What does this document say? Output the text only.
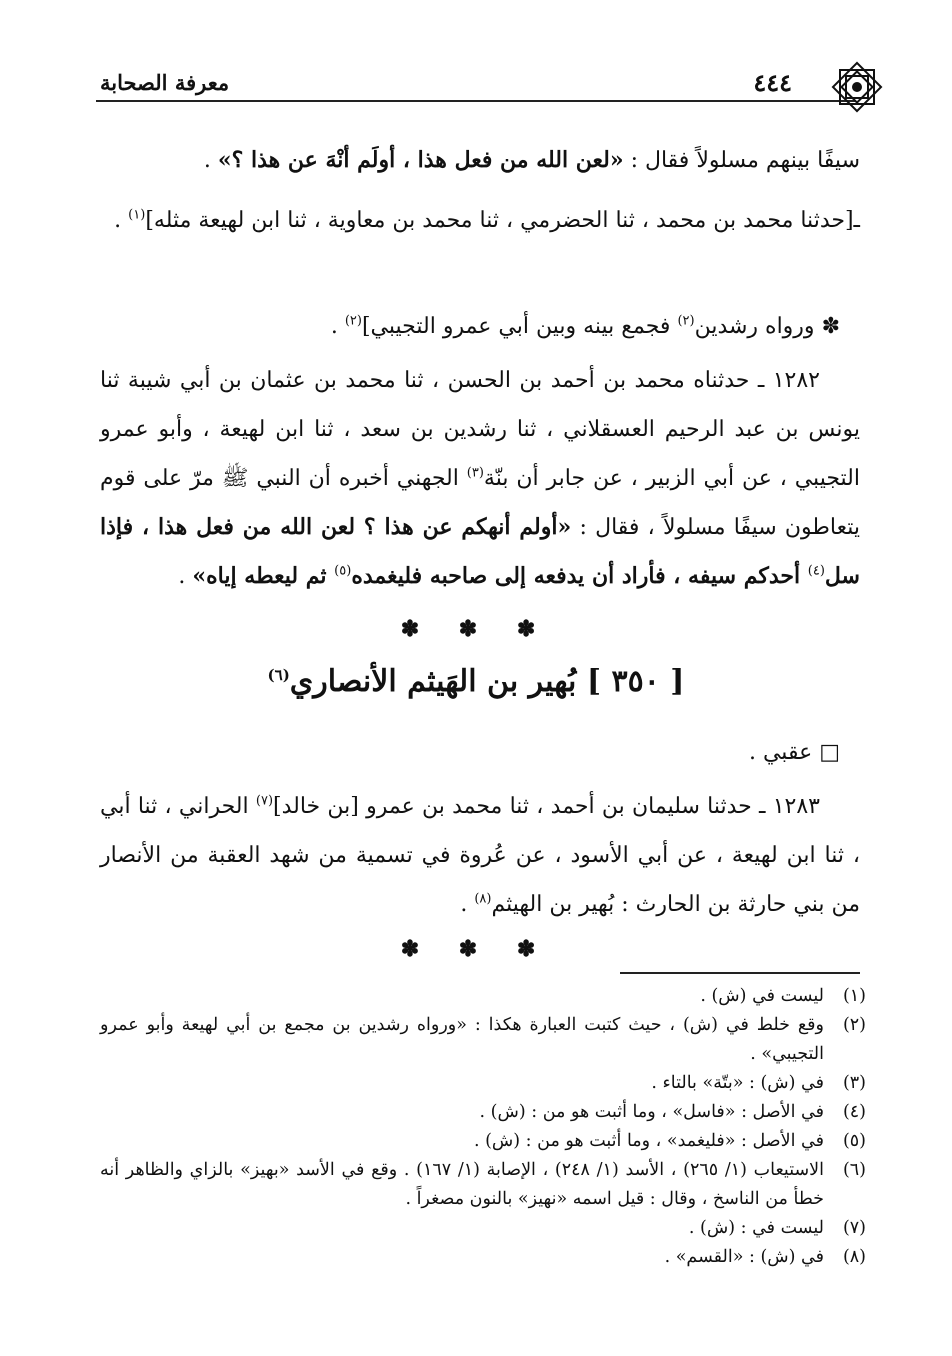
٤٤٤
معرفة الصحابة
سيفًا بينهم مسلولاً فقال : «لعن الله من فعل هذا ، أولَم أنْهَ عن هذا ؟» .
ـ[حدثنا محمد بن محمد ، ثنا الحضرمي ، ثنا محمد بن معاوية ، ثنا ابن لهيعة مثله]$^{(١)}$ .
✽ ورواه رشدين$^{(٢)}$ فجمع بينه وبين أبي عمرو التجيبي]$^{(٢)}$ .
١٢٨٢ ـ حدثناه محمد بن أحمد بن الحسن ، ثنا محمد بن عثمان بن أبي شيبة ثنا يونس بن عبد الرحيم العسقلاني ، ثنا رشدين بن سعد ، ثنا ابن لهيعة ، وأبو عمرو التجيبي ، عن أبي الزبير ، عن جابر أن بنّة$^{(٣)}$ الجهني أخبره أن النبي ﷺ مرّ على قوم يتعاطون سيفًا مسلولاً ، فقال : «أولم أنهكم عن هذا ؟ لعن الله من فعل هذا ، فإذا سل$^{(٤)}$ أحدكم سيفه ، فأراد أن يدفعه إلى صاحبه فليغمده$^{(٥)}$ ثم ليعطه إياه» .
✽ ✽ ✽
[ ٣٥٠ ] بُهير بن الهَيثم الأنصاري$^{(٦)}$
□ عقبي .
١٢٨٣ ـ حدثنا سليمان بن أحمد ، ثنا محمد بن عمرو [بن خالد]$^{(٧)}$ الحراني ، ثنا أبي ، ثنا ابن لهيعة ، عن أبي الأسود ، عن عُروة في تسمية من شهد العقبة من الأنصار من بني حارثة بن الحارث : بُهير بن الهيثم$^{(٨)}$ .
✽ ✽ ✽
(١)
ليست في (ش) .
(٢)
وقع خلط في (ش) ، حيث كتبت العبارة هكذا : «ورواه رشدين بن مجمع بن أبي لهيعة وأبو عمرو التجيبي» .
(٣)
في (ش) : «بتّة» بالتاء .
(٤)
في الأصل : «فاسل» ، وما أثبت هو من : (ش) .
(٥)
في الأصل : «فليغمد» ، وما أثبت هو من : (ش) .
(٦)
الاستيعاب (١/ ٢٦٥) ، الأسد (١/ ٢٤٨) ، الإصابة (١/ ١٦٧) . وقع في الأسد «بهيز» بالزاي والظاهر أنه خطأ من الناسخ ، وقال : قيل اسمه «نهيز» بالنون مصغراً .
(٧)
ليست في : (ش) .
(٨)
في (ش) : «القسم» .
